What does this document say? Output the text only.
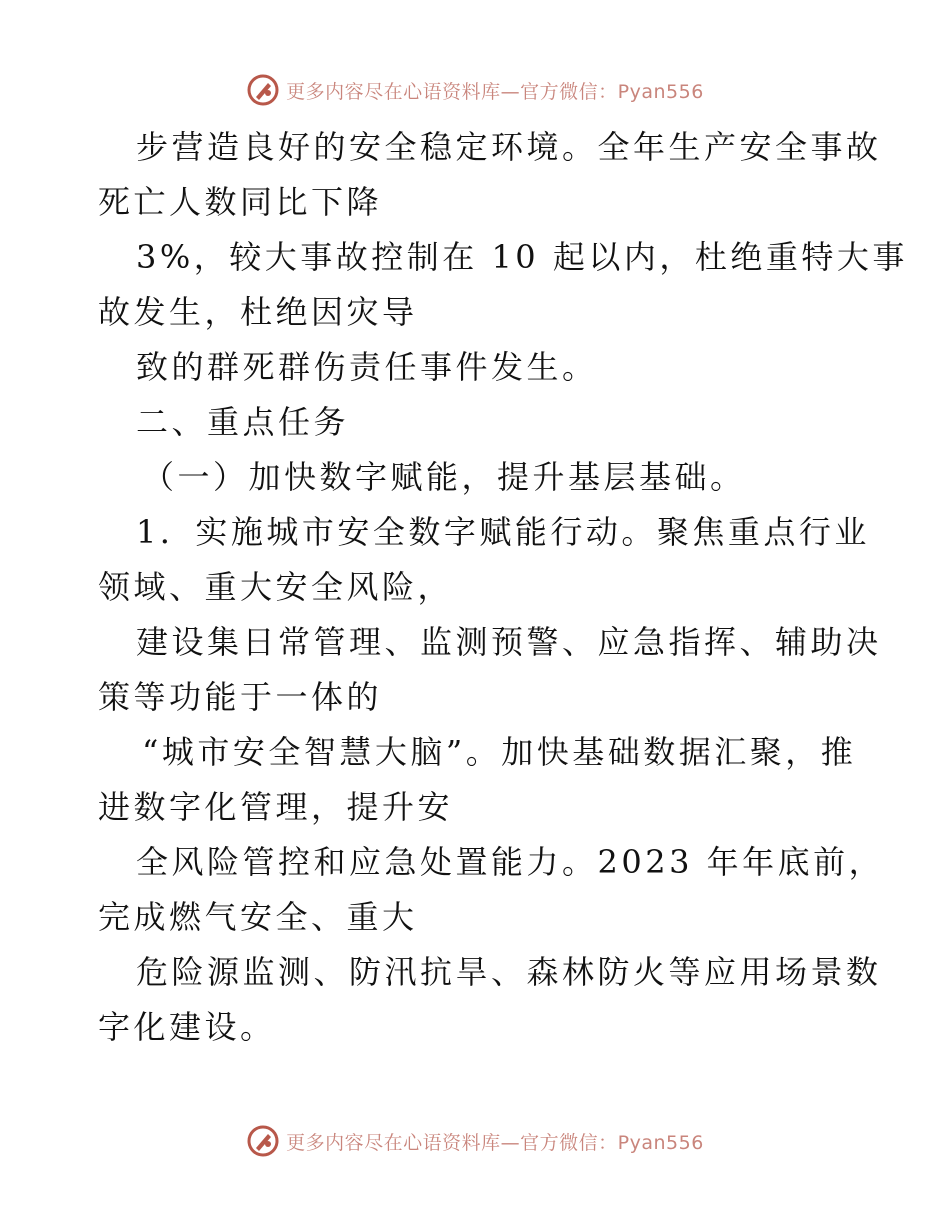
更多内容尽在心语资料库—官方微信：Pyan556
步营造良好的安全稳定环境。全年生产安全事故
死亡人数同比下降
3%，较大事故控制在 10 起以内，杜绝重特大事
故发生，杜绝因灾导
致的群死群伤责任事件发生。
二、重点任务
（一）加快数字赋能，提升基层基础。
1．实施城市安全数字赋能行动。聚焦重点行业
领域、重大安全风险，
建设集日常管理、监测预警、应急指挥、辅助决
策等功能于一体的
“城市安全智慧大脑”。加快基础数据汇聚，推
进数字化管理，提升安
全风险管控和应急处置能力。2023 年年底前，
完成燃气安全、重大
危险源监测、防汛抗旱、森林防火等应用场景数
字化建设。
更多内容尽在心语资料库—官方微信：Pyan556
